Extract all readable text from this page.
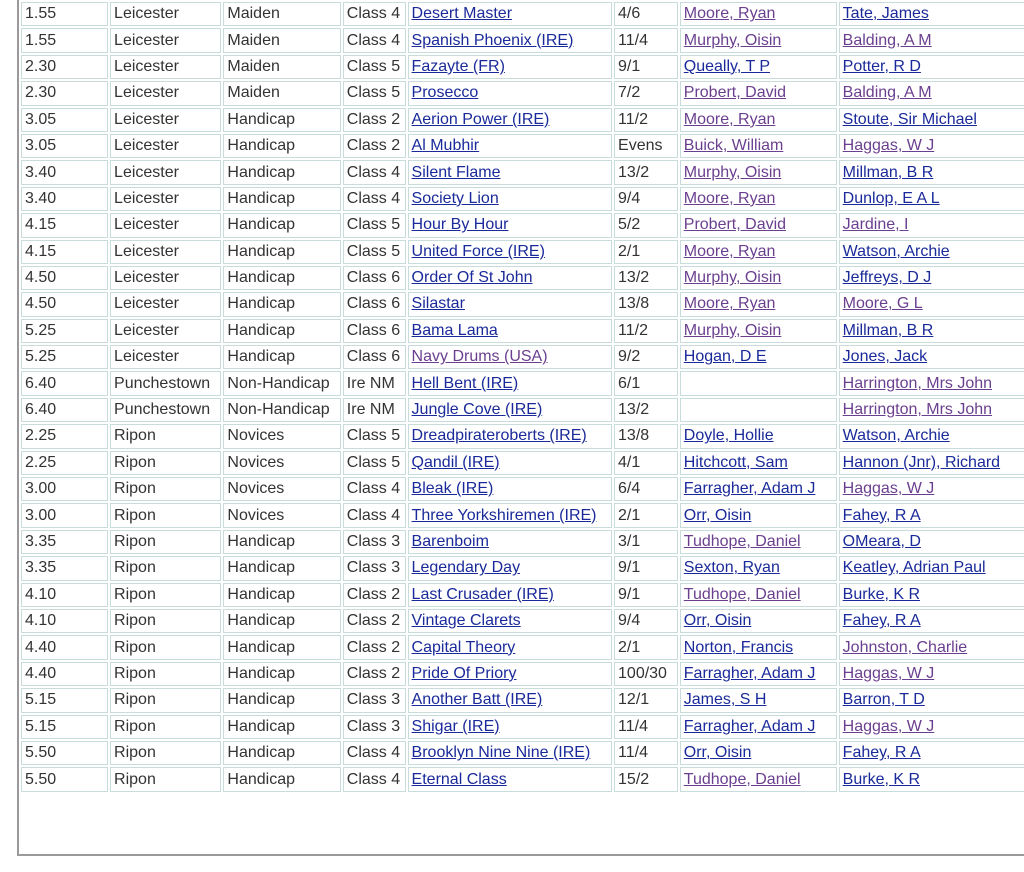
1.55	Leicester	Maiden	Class 4	Desert Master	4/6	Moore, Ryan	Tate, James
1.55	Leicester	Maiden	Class 4	Spanish Phoenix (IRE)	11/4	Murphy, Oisin	Balding, A M
2.30	Leicester	Maiden	Class 5	Fazayte (FR)	9/1	Queally, T P	Potter, R D
2.30	Leicester	Maiden	Class 5	Prosecco	7/2	Probert, David	Balding, A M
3.05	Leicester	Handicap	Class 2	Aerion Power (IRE)	11/2	Moore, Ryan	Stoute, Sir Michael
3.05	Leicester	Handicap	Class 2	Al Mubhir	Evens	Buick, William	Haggas, W J
3.40	Leicester	Handicap	Class 4	Silent Flame	13/2	Murphy, Oisin	Millman, B R
3.40	Leicester	Handicap	Class 4	Society Lion	9/4	Moore, Ryan	Dunlop, E A L
4.15	Leicester	Handicap	Class 5	Hour By Hour	5/2	Probert, David	Jardine, I
4.15	Leicester	Handicap	Class 5	United Force (IRE)	2/1	Moore, Ryan	Watson, Archie
4.50	Leicester	Handicap	Class 6	Order Of St John	13/2	Murphy, Oisin	Jeffreys, D J
4.50	Leicester	Handicap	Class 6	Silastar	13/8	Moore, Ryan	Moore, G L
5.25	Leicester	Handicap	Class 6	Bama Lama	11/2	Murphy, Oisin	Millman, B R
5.25	Leicester	Handicap	Class 6	Navy Drums (USA)	9/2	Hogan, D E	Jones, Jack
6.40	Punchestown	Non-Handicap	Ire NM	Hell Bent (IRE)	6/1		Harrington, Mrs John
6.40	Punchestown	Non-Handicap	Ire NM	Jungle Cove (IRE)	13/2		Harrington, Mrs John
2.25	Ripon	Novices	Class 5	Dreadpirateroberts (IRE)	13/8	Doyle, Hollie	Watson, Archie
2.25	Ripon	Novices	Class 5	Qandil (IRE)	4/1	Hitchcott, Sam	Hannon (Jnr), Richard
3.00	Ripon	Novices	Class 4	Bleak (IRE)	6/4	Farragher, Adam J	Haggas, W J
3.00	Ripon	Novices	Class 4	Three Yorkshiremen (IRE)	2/1	Orr, Oisin	Fahey, R A
3.35	Ripon	Handicap	Class 3	Barenboim	3/1	Tudhope, Daniel	OMeara, D
3.35	Ripon	Handicap	Class 3	Legendary Day	9/1	Sexton, Ryan	Keatley, Adrian Paul
4.10	Ripon	Handicap	Class 2	Last Crusader (IRE)	9/1	Tudhope, Daniel	Burke, K R
4.10	Ripon	Handicap	Class 2	Vintage Clarets	9/4	Orr, Oisin	Fahey, R A
4.40	Ripon	Handicap	Class 2	Capital Theory	2/1	Norton, Francis	Johnston, Charlie
4.40	Ripon	Handicap	Class 2	Pride Of Priory	100/30	Farragher, Adam J	Haggas, W J
5.15	Ripon	Handicap	Class 3	Another Batt (IRE)	12/1	James, S H	Barron, T D
5.15	Ripon	Handicap	Class 3	Shigar (IRE)	11/4	Farragher, Adam J	Haggas, W J
5.50	Ripon	Handicap	Class 4	Brooklyn Nine Nine (IRE)	11/4	Orr, Oisin	Fahey, R A
5.50	Ripon	Handicap	Class 4	Eternal Class	15/2	Tudhope, Daniel	Burke, K R
